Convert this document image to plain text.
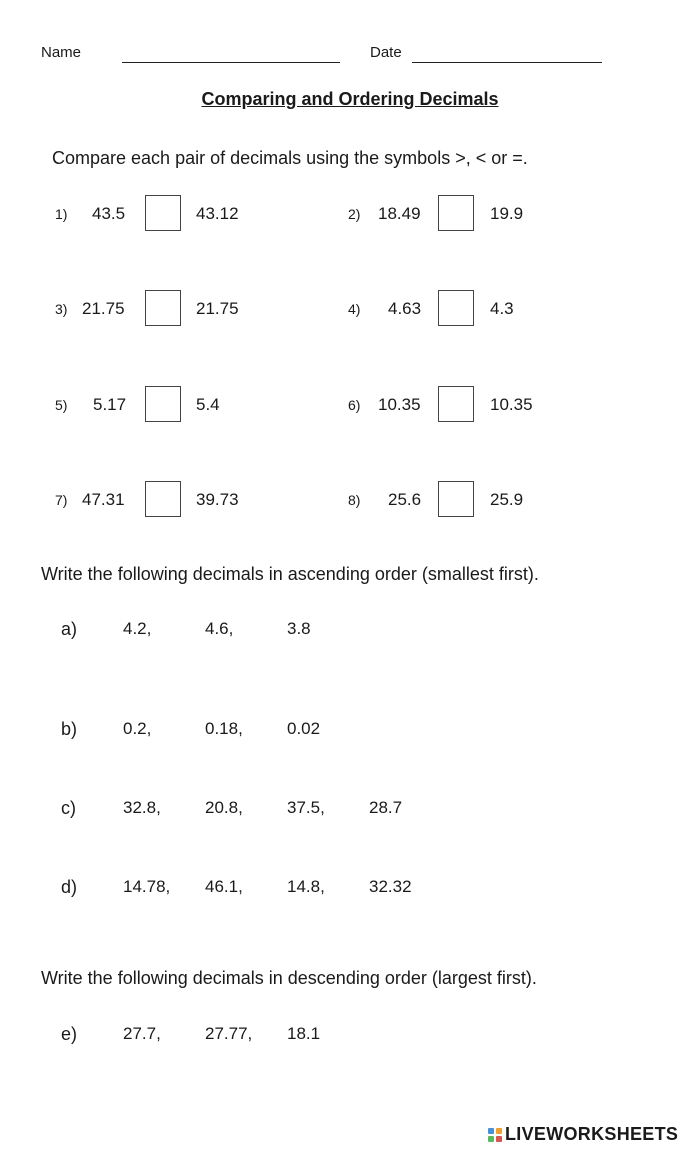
Name	Date
Comparing and Ordering Decimals
Compare each pair of decimals using the symbols >, < or =.
1) 43.5	43.12	2) 18.49	19.9
3) 21.75	21.75	4) 4.63	4.3
5) 5.17	5.4	6) 10.35	10.35
7) 47.31	39.73	8) 25.6	25.9
Write the following decimals in ascending order (smallest first).
a)	4.2,	4.6,	3.8
b)	0.2,	0.18,	0.02
c)	32.8,	20.8,	37.5,	28.7
d)	14.78, 46.1,	14.8,	32.32
Write the following decimals in descending order (largest first).
e)	27.7,	27.77, 18.1
LIVEWORKSHEETS
